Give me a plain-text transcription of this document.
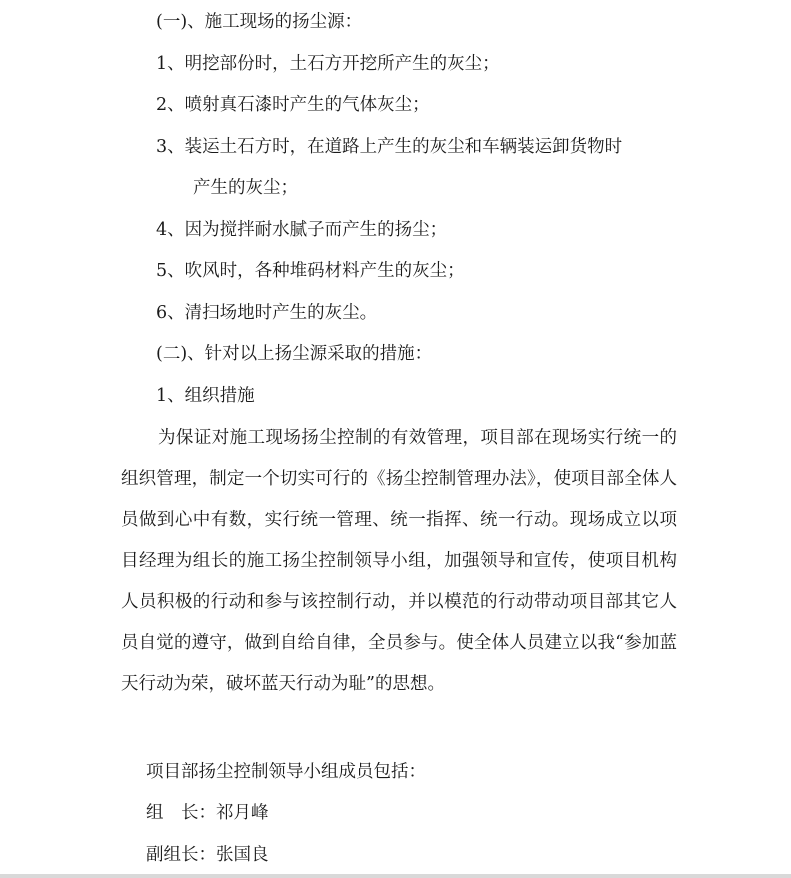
(一)、施工现场的扬尘源：
1、明挖部份时，土石方开挖所产生的灰尘；
2、喷射真石漆时产生的气体灰尘；
3、装运土石方时，在道路上产生的灰尘和车辆装运卸货物时
产生的灰尘；
4、因为搅拌耐水腻子而产生的扬尘；
5、吹风时，各种堆码材料产生的灰尘；
6、清扫场地时产生的灰尘。
(二)、针对以上扬尘源采取的措施：
1、组织措施
为保证对施工现场扬尘控制的有效管理，项目部在现场实行统一的组织管理，制定一个切实可行的《扬尘控制管理办法》，使项目部全体人员做到心中有数，实行统一管理、统一指挥、统一行动。现场成立以项目经理为组长的施工扬尘控制领导小组，加强领导和宣传，使项目机构人员积极的行动和参与该控制行动，并以模范的行动带动项目部其它人员自觉的遵守，做到自给自律，全员参与。使全体人员建立以我“参加蓝天行动为荣，破坏蓝天行动为耻”的思想。
项目部扬尘控制领导小组成员包括：
组　长：祁月峰
副组长：张国良
